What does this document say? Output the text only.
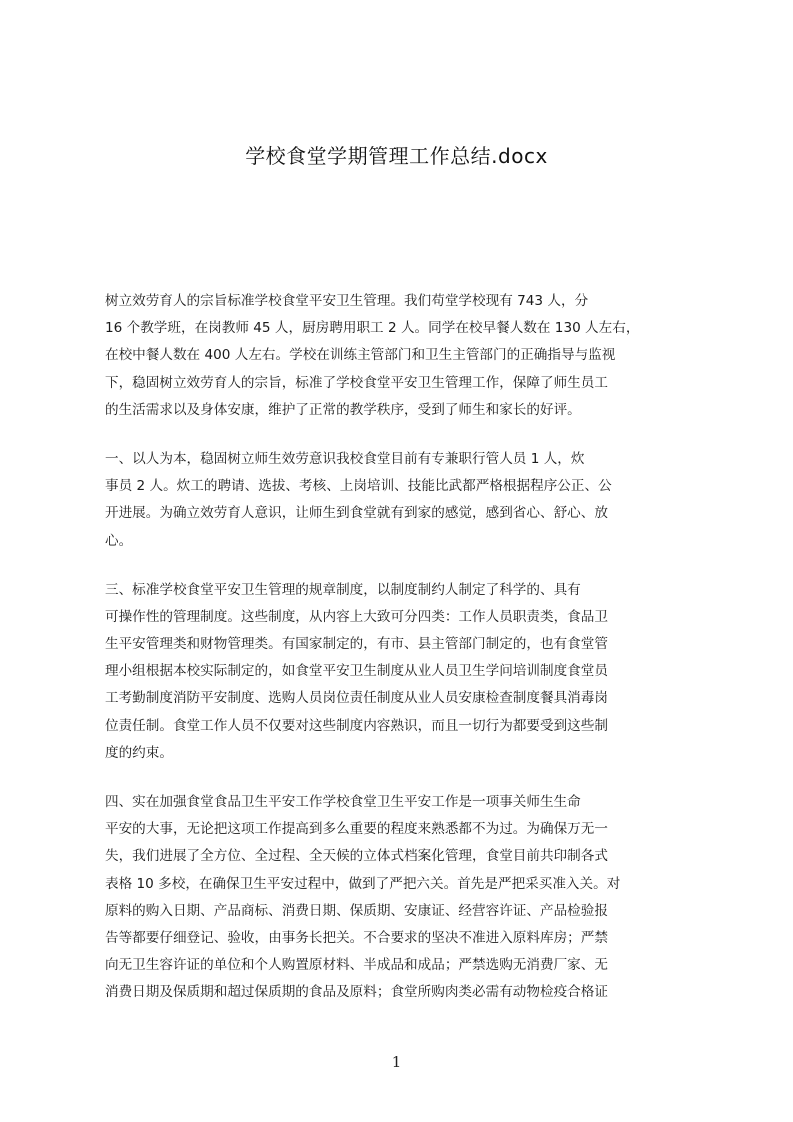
学校食堂学期管理工作总结.docx
树立效劳育人的宗旨标准学校食堂平安卫生管理。我们苟堂学校现有 743 人，分
16 个教学班，在岗教师 45 人，厨房聘用职工 2 人。同学在校早餐人数在 130 人左右，
在校中餐人数在 400 人左右。学校在训练主管部门和卫生主管部门的正确指导与监视
下，稳固树立效劳育人的宗旨，标准了学校食堂平安卫生管理工作，保障了师生员工
的生活需求以及身体安康，维护了正常的教学秩序，受到了师生和家长的好评。
一、以人为本，稳固树立师生效劳意识我校食堂目前有专兼职行管人员 1 人，炊
事员 2 人。炊工的聘请、选拔、考核、上岗培训、技能比武都严格根据程序公正、公
开进展。为确立效劳育人意识，让师生到食堂就有到家的感觉，感到省心、舒心、放
心。
三、标准学校食堂平安卫生管理的规章制度，以制度制约人制定了科学的、具有
可操作性的管理制度。这些制度，从内容上大致可分四类：工作人员职责类，食品卫
生平安管理类和财物管理类。有国家制定的，有市、县主管部门制定的，也有食堂管
理小组根据本校实际制定的，如食堂平安卫生制度从业人员卫生学问培训制度食堂员
工考勤制度消防平安制度、选购人员岗位责任制度从业人员安康检查制度餐具消毒岗
位责任制。食堂工作人员不仅要对这些制度内容熟识，而且一切行为都要受到这些制
度的约束。
四、实在加强食堂食品卫生平安工作学校食堂卫生平安工作是一项事关师生生命
平安的大事，无论把这项工作提高到多么重要的程度来熟悉都不为过。为确保万无一
失，我们进展了全方位、全过程、全天候的立体式档案化管理，食堂目前共印制各式
表格 10 多校，在确保卫生平安过程中，做到了严把六关。首先是严把采买准入关。对
原料的购入日期、产品商标、消费日期、保质期、安康证、经营容许证、产品检验报
告等都要仔细登记、验收，由事务长把关。不合要求的坚决不准进入原料库房；严禁
向无卫生容许证的单位和个人购置原材料、半成品和成品；严禁选购无消费厂家、无
消费日期及保质期和超过保质期的食品及原料；食堂所购肉类必需有动物检疫合格证
1
